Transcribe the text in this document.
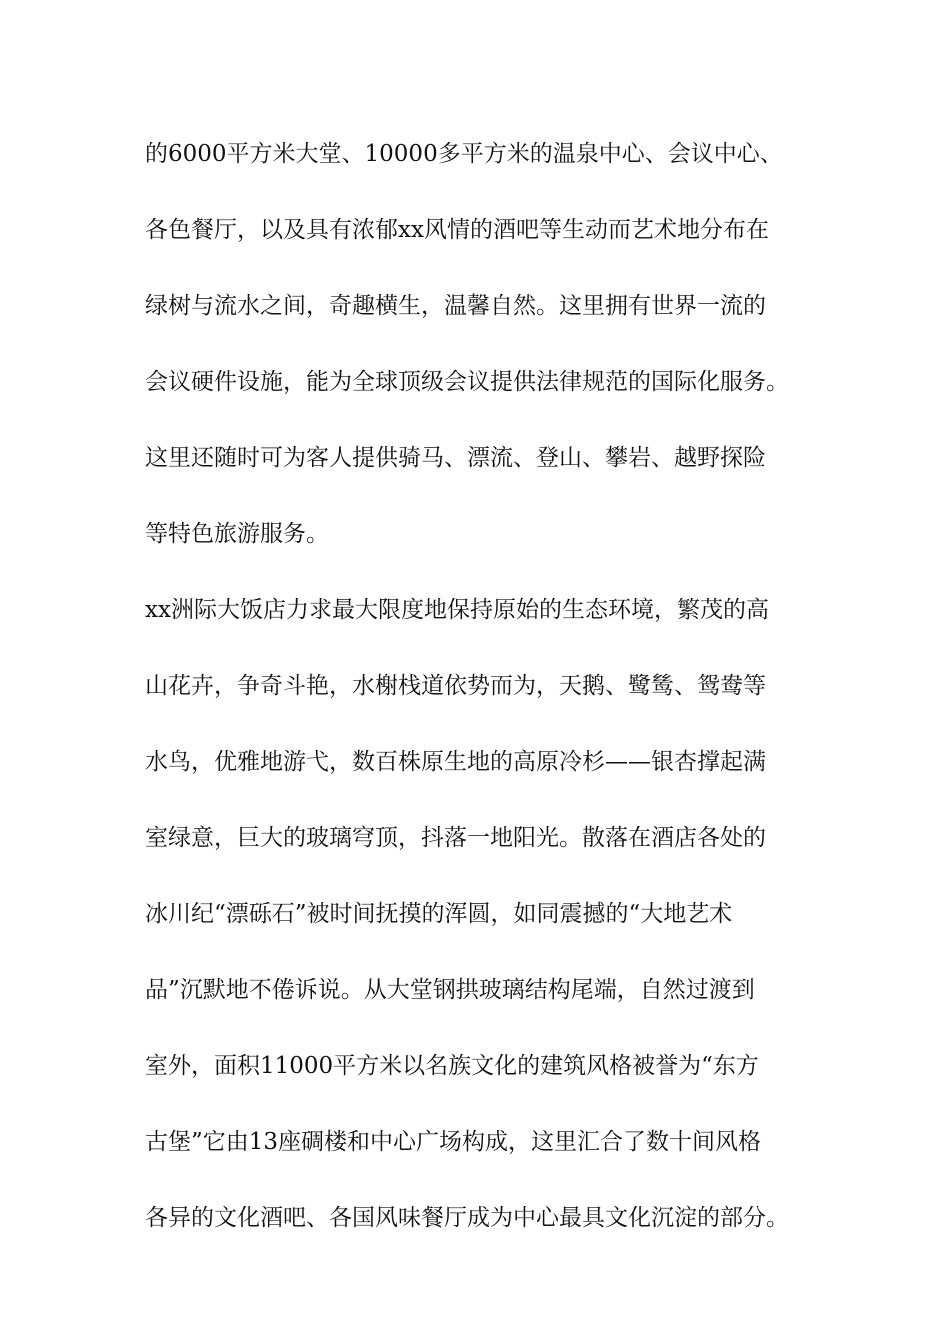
的6000平方米大堂、10000多平方米的温泉中心、会议中心、
各色餐厅，以及具有浓郁xx风情的酒吧等生动而艺术地分布在
绿树与流水之间，奇趣横生，温馨自然。这里拥有世界一流的
会议硬件设施，能为全球顶级会议提供法律规范的国际化服务。
这里还随时可为客人提供骑马、漂流、登山、攀岩、越野探险
等特色旅游服务。
xx洲际大饭店力求最大限度地保持原始的生态环境，繁茂的高
山花卉，争奇斗艳，水榭栈道依势而为，天鹅、鹭鸶、鸳鸯等
水鸟，优雅地游弋，数百株原生地的高原冷杉——银杏撑起满
室绿意，巨大的玻璃穹顶，抖落一地阳光。散落在酒店各处的
冰川纪“漂砾石”被时间抚摸的浑圆，如同震撼的“大地艺术
品”沉默地不倦诉说。从大堂钢拱玻璃结构尾端，自然过渡到
室外，面积11000平方米以名族文化的建筑风格被誉为“东方
古堡”它由13座碉楼和中心广场构成，这里汇合了数十间风格
各异的文化酒吧、各国风味餐厅成为中心最具文化沉淀的部分。
